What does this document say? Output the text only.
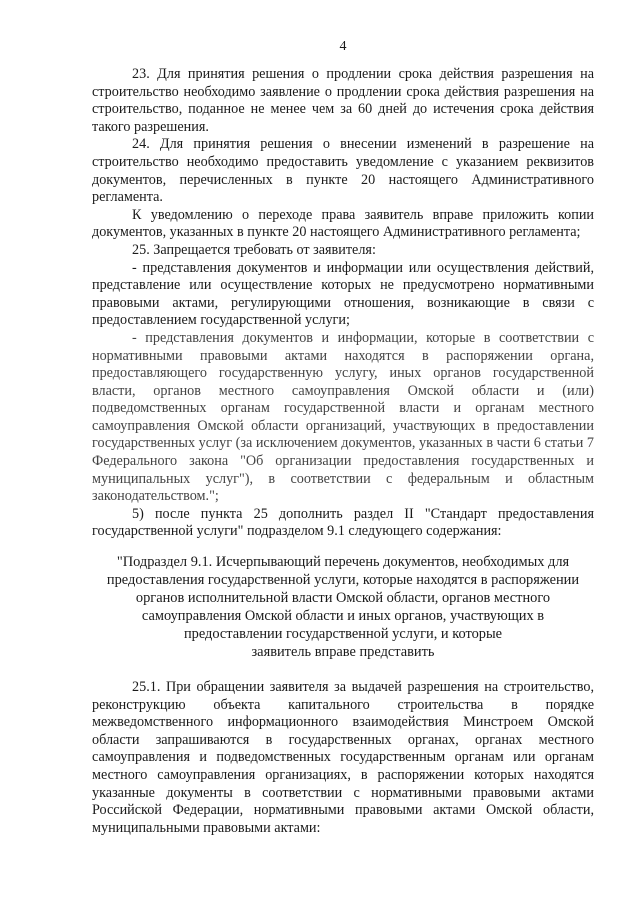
4

23. Для принятия решения о продлении срока действия разрешения на строительство необходимо заявление о продлении срока действия разрешения на строительство, поданное не менее чем за 60 дней до истечения срока действия такого разрешения.

24. Для принятия решения о внесении изменений в разрешение на строительство необходимо предоставить уведомление с указанием реквизитов документов, перечисленных в пункте 20 настоящего Административного регламента.

К уведомлению о переходе права заявитель вправе приложить копии документов, указанных в пункте 20 настоящего Административного регламента;

25. Запрещается требовать от заявителя:

- представления документов и информации или осуществления действий, представление или осуществление которых не предусмотрено нормативными правовыми актами, регулирующими отношения, возникающие в связи с предоставлением государственной услуги;

- представления документов и информации, которые в соответствии с нормативными правовыми актами находятся в распоряжении органа, предоставляющего государственную услугу, иных органов государственной власти, органов местного самоуправления Омской области и (или) подведомственных органам государственной власти и органам местного самоуправления Омской области организаций, участвующих в предоставлении государственных услуг (за исключением документов, указанных в части 6 статьи 7 Федерального закона "Об организации предоставления государственных и муниципальных услуг"), в соответствии с федеральным и областным законодательством.";

5) после пункта 25 дополнить раздел II "Стандарт предоставления государственной услуги" подразделом 9.1 следующего содержания:

"Подраздел 9.1. Исчерпывающий перечень документов, необходимых для
предоставления государственной услуги, которые находятся в распоряжении
органов исполнительной власти Омской области, органов местного
самоуправления Омской области и иных органов, участвующих в
предоставлении государственной услуги, и которые
заявитель вправе представить

25.1. При обращении заявителя за выдачей разрешения на строительство, реконструкцию объекта капитального строительства в порядке межведомственного информационного взаимодействия Минстроем Омской области запрашиваются в государственных органах, органах местного самоуправления и подведомственных государственным органам или органам местного самоуправления организациях, в распоряжении которых находятся указанные документы в соответствии с нормативными правовыми актами Российской Федерации, нормативными правовыми актами Омской области, муниципальными правовыми актами:
